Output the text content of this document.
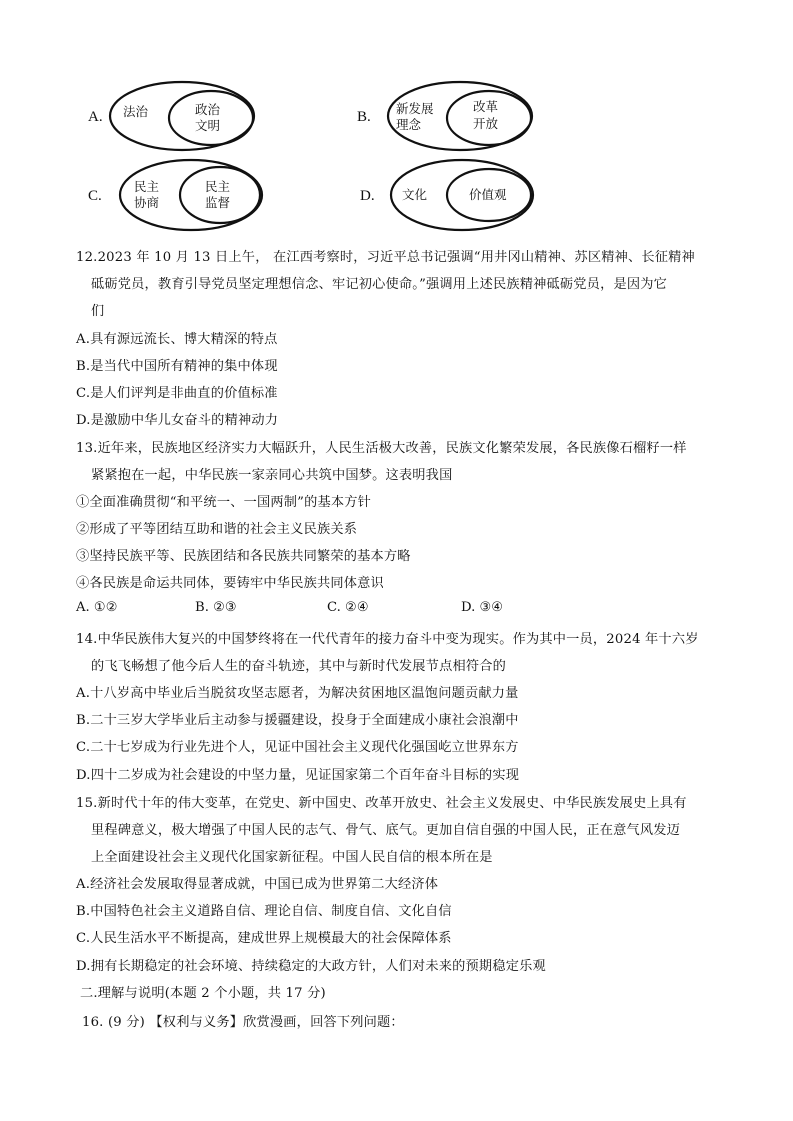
A. 法治	政治
文明
B.
新发展
理念
改革
开放
C.
民主
协商
民主
监督	D. 文化	价值观
12.2023 年 10 月 13 日上午， 在江西考察时，习近平总书记强调“用井冈山精神、苏区精神、长征精神
砥砺党员，教育引导党员坚定理想信念、牢记初心使命。”强调用上述民族精神砥砺党员，是因为它
们
A.具有源远流长、博大精深的特点
B.是当代中国所有精神的集中体现
C.是人们评判是非曲直的价值标准
D.是激励中华儿女奋斗的精神动力
13.近年来，民族地区经济实力大幅跃升，人民生活极大改善，民族文化繁荣发展，各民族像石榴籽一样
紧紧抱在一起，中华民族一家亲同心共筑中国梦。这表明我国
①全面准确贯彻“和平统一、一国两制”的基本方针
②形成了平等团结互助和谐的社会主义民族关系
③坚持民族平等、民族团结和各民族共同繁荣的基本方略
④各民族是命运共同体，要铸牢中华民族共同体意识
A. ①②	B. ②③	C. ②④	D. ③④
14.中华民族伟大复兴的中国梦终将在一代代青年的接力奋斗中变为现实。作为其中一员，2024 年十六岁
的飞飞畅想了他今后人生的奋斗轨迹，其中与新时代发展节点相符合的
A.十八岁高中毕业后当脱贫攻坚志愿者，为解决贫困地区温饱问题贡献力量
B.二十三岁大学毕业后主动参与援疆建设，投身于全面建成小康社会浪潮中
C.二十七岁成为行业先进个人，见证中国社会主义现代化强国屹立世界东方
D.四十二岁成为社会建设的中坚力量，见证国家第二个百年奋斗目标的实现
15.新时代十年的伟大变革，在党史、新中国史、改革开放史、社会主义发展史、中华民族发展史上具有
里程碑意义，极大增强了中国人民的志气、骨气、底气。更加自信自强的中国人民，正在意气风发迈
上全面建设社会主义现代化国家新征程。中国人民自信的根本所在是
A.经济社会发展取得显著成就，中国已成为世界第二大经济体
B.中国特色社会主义道路自信、理论自信、制度自信、文化自信
C.人民生活水平不断提高，建成世界上规模最大的社会保障体系
D.拥有长期稳定的社会环境、持续稳定的大政方针，人们对未来的预期稳定乐观
二.理解与说明(本题 2 个小题，共 17 分)
16. (9 分) 【权利与义务】欣赏漫画，回答下列问题：
